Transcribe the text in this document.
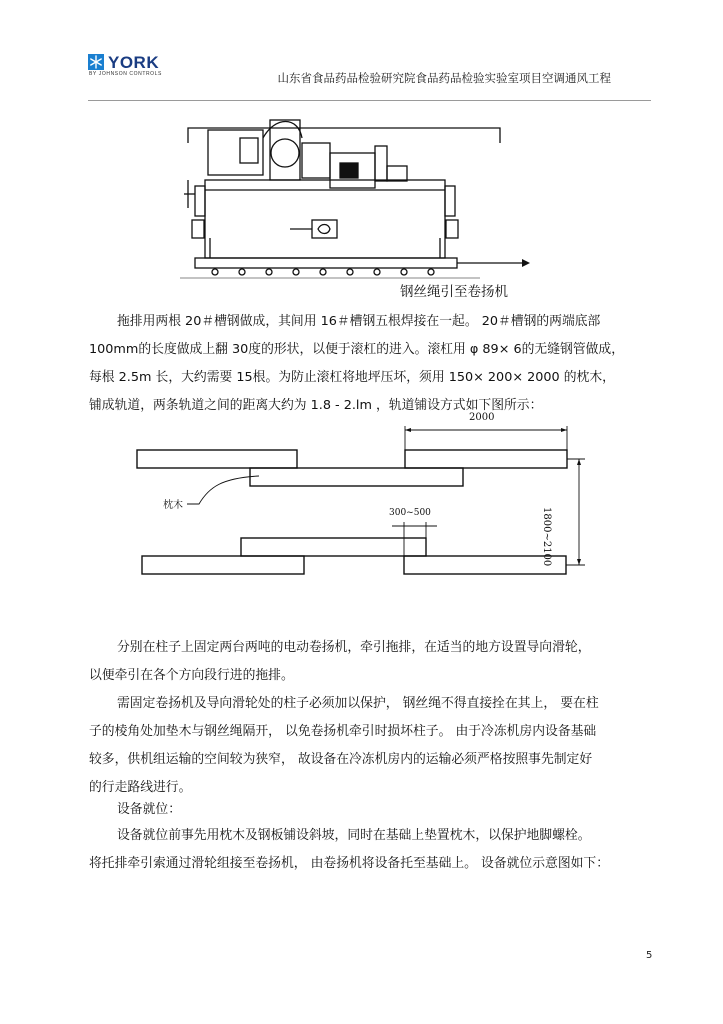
YORK
BY JOHNSON CONTROLS	山东省食品药品检验研究院食品药品检验实验室项目空调通风工程
钢丝绳引至卷扬机
拖排用两根 20＃槽钢做成，其间用 16＃槽钢五根焊接在一起。 20＃槽钢的两端底部
100mm的长度做成上翻 30度的形状，以便于滚杠的进入。滚杠用 φ 89× 6的无缝钢管做成，
每根 2.5m 长，大约需要 15根。为防止滚杠将地坪压坏，须用 150× 200× 2000 的枕木，
铺成轨道，两条轨道之间的距离大约为 1.8 - 2.lm ，轨道铺设方式如下图所示：
2000
300~500	1800~2100
枕木
分别在柱子上固定两台两吨的电动卷扬机，牵引拖排，在适当的地方设置导向滑轮，
以便牵引在各个方向段行进的拖排。
需固定卷扬机及导向滑轮处的柱子必须加以保护， 钢丝绳不得直接拴在其上， 要在柱
子的棱角处加垫木与钢丝绳隔开， 以免卷扬机牵引时损坏柱子。 由于冷冻机房内设备基础
较多，供机组运输的空间较为狭窄， 故设备在冷冻机房内的运输必须严格按照事先制定好
的行走路线进行。
设备就位：
设备就位前事先用枕木及钢板铺设斜坡，同时在基础上垫置枕木，以保护地脚螺栓。
将托排牵引索通过滑轮组接至卷扬机， 由卷扬机将设备托至基础上。 设备就位示意图如下：
5
